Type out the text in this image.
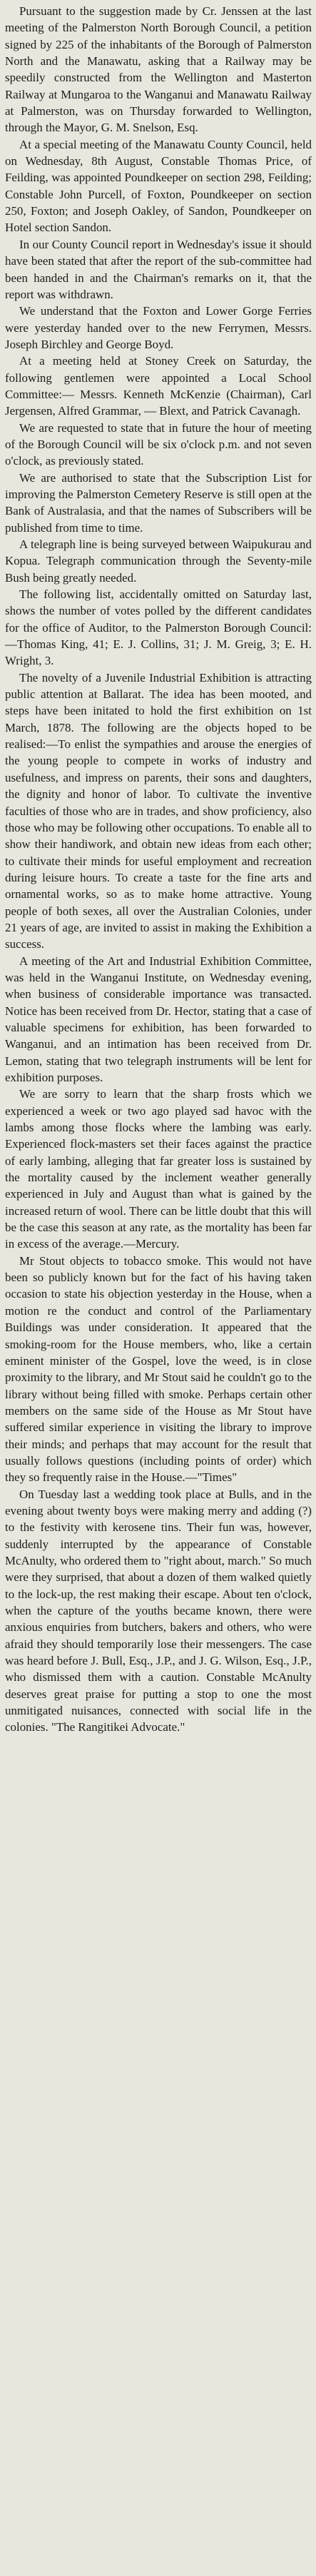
Pursuant to the suggestion made by Cr. Jenssen at the last meeting of the Palmerston North Borough Council, a petition signed by 225 of the inhabitants of the Borough of Palmerston North and the Manawatu, asking that a Railway may be speedily constructed from the Wellington and Masterton Railway at Mungaroa to the Wanganui and Manawatu Railway at Palmerston, was on Thursday forwarded to Wellington, through the Mayor, G. M. Snelson, Esq.

At a special meeting of the Manawatu County Council, held on Wednesday, 8th August, Constable Thomas Price, of Feilding, was appointed Poundkeeper on section 298, Feilding; Constable John Purcell, of Foxton, Poundkeeper on section 250, Foxton; and Joseph Oakley, of Sandon, Poundkeeper on Hotel section Sandon.

In our County Council report in Wednesday's issue it should have been stated that after the report of the sub-committee had been handed in and the Chairman's remarks on it, that the report was withdrawn.

We understand that the Foxton and Lower Gorge Ferries were yesterday handed over to the new Ferrymen, Messrs. Joseph Birchley and George Boyd.

At a meeting held at Stoney Creek on Saturday, the following gentlemen were appointed a Local School Committee:— Messrs. Kenneth McKenzie (Chairman), Carl Jergensen, Alfred Grammar, — Blext, and Patrick Cavanagh.

We are requested to state that in future the hour of meeting of the Borough Council will be six o'clock p.m. and not seven o'clock, as previously stated.

We are authorised to state that the Subscription List for improving the Palmerston Cemetery Reserve is still open at the Bank of Australasia, and that the names of Subscribers will be published from time to time.

A telegraph line is being surveyed between Waipukurau and Kopua. Telegraph communication through the Seventy-mile Bush being greatly needed.

The following list, accidentally omitted on Saturday last, shows the number of votes polled by the different candidates for the office of Auditor, to the Palmerston Borough Council:—Thomas King, 41; E. J. Collins, 31; J. M. Greig, 3; E. H. Wright, 3.

The novelty of a Juvenile Industrial Exhibition is attracting public attention at Ballarat. The idea has been mooted, and steps have been initated to hold the first exhibition on 1st March, 1878. The following are the objects hoped to be realised:—To enlist the sympathies and arouse the energies of the young people to compete in works of industry and usefulness, and impress on parents, their sons and daughters, the dignity and honor of labor. To cultivate the inventive faculties of those who are in trades, and show proficiency, also those who may be following other occupations. To enable all to show their handiwork, and obtain new ideas from each other; to cultivate their minds for useful employment and recreation during leisure hours. To create a taste for the fine arts and ornamental works, so as to make home attractive. Young people of both sexes, all over the Australian Colonies, under 21 years of age, are invited to assist in making the Exhibition a success.

A meeting of the Art and Industrial Exhibition Committee, was held in the Wanganui Institute, on Wednesday evening, when business of considerable importance was transacted. Notice has been received from Dr. Hector, stating that a case of valuable specimens for exhibition, has been forwarded to Wanganui, and an intimation has been received from Dr. Lemon, stating that two telegraph instruments will be lent for exhibition purposes.

We are sorry to learn that the sharp frosts which we experienced a week or two ago played sad havoc with the lambs among those flocks where the lambing was early. Experienced flock-masters set their faces against the practice of early lambing, alleging that far greater loss is sustained by the mortality caused by the inclement weather generally experienced in July and August than what is gained by the increased return of wool. There can be little doubt that this will be the case this season at any rate, as the mortality has been far in excess of the average.—Mercury.

Mr Stout objects to tobacco smoke. This would not have been so publicly known but for the fact of his having taken occasion to state his objection yesterday in the House, when a motion re the conduct and control of the Parliamentary Buildings was under consideration. It appeared that the smoking-room for the House members, who, like a certain eminent minister of the Gospel, love the weed, is in close proximity to the library, and Mr Stout said he couldn't go to the library without being filled with smoke. Perhaps certain other members on the same side of the House as Mr Stout have suffered similar experience in visiting the library to improve their minds; and perhaps that may account for the result that usually follows questions (including points of order) which they so frequently raise in the House.—"Times"

On Tuesday last a wedding took place at Bulls, and in the evening about twenty boys were making merry and adding (?) to the festivity with kerosene tins. Their fun was, however, suddenly interrupted by the appearance of Constable McAnulty, who ordered them to "right about, march." So much were they surprised, that about a dozen of them walked quietly to the lock-up, the rest making their escape. About ten o'clock, when the capture of the youths became known, there were anxious enquiries from butchers, bakers and others, who were afraid they should temporarily lose their messengers. The case was heard before J. Bull, Esq., J.P., and J. G. Wilson, Esq., J.P., who dismissed them with a caution. Constable McAnulty deserves great praise for putting a stop to one the most unmitigated nuisances, connected with social life in the colonies. "The Rangitikei Advocate."
